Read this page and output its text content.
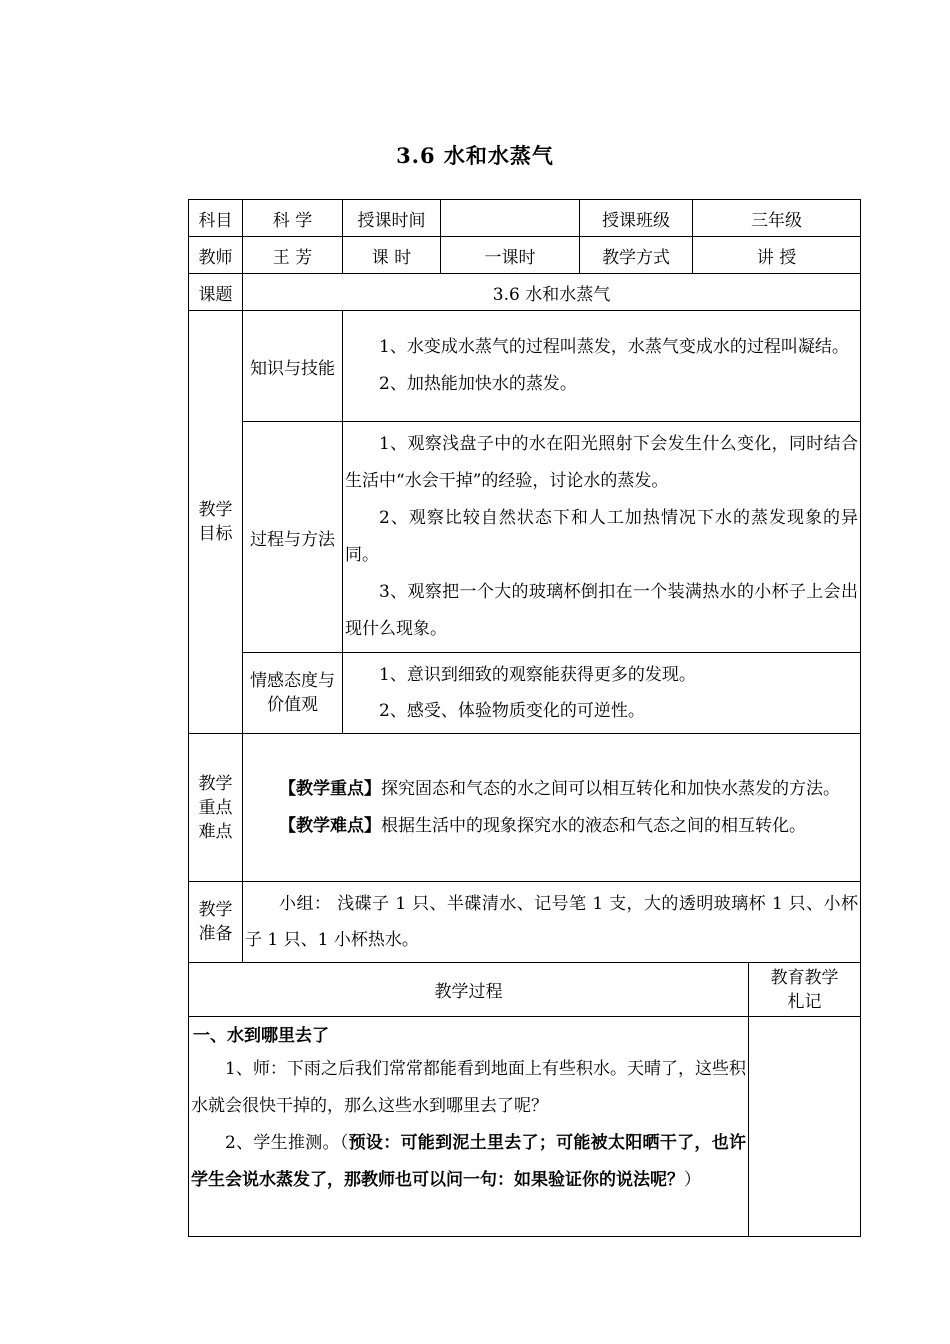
3.6 水和水蒸气
科目	科 学	授课时间		授课班级	三年级	
教师	王 芳	课 时	一课时	教学方式	讲 授	
课题	3.6 水和水蒸气					

教学目标	知识与技能	1、水变成水蒸气的过程叫蒸发，水蒸气变成水的过程叫凝结。

2、加热能加快水的蒸发。				

	过程与方法	1、观察浅盘子中的水在阳光照射下会发生什么变化，同时结合生活中“水会干掉”的经验，讨论水的蒸发。

2、观察比较自然状态下和人工加热情况下水的蒸发现象的异同。

3、观察把一个大的玻璃杯倒扣在一个装满热水的小杯子上会出现什么现象。				

	情感态度与价值观	1、意识到细致的观察能获得更多的发现。

2、感受、体验物质变化的可逆性。				

教学重点难点	【教学重点】探究固态和气态的水之间可以相互转化和加快水蒸发的方法。

【教学难点】根据生活中的现象探究水的液态和气态之间的相互转化。					

教学准备	小组： 浅碟子 1 只、半碟清水、记号笔 1 支，大的透明玻璃杯 1 只、小杯子 1 只、1 小杯热水。					

教学过程						教育教学札记

一、水到哪里去了

1、师：下雨之后我们常常都能看到地面上有些积水。天晴了，这些积水就会很快干掉的，那么这些水到哪里去了呢？

2、学生推测。（预设：可能到泥土里去了；可能被太阳晒干了，也许学生会说水蒸发了，那教师也可以问一句：如果验证你的说法呢？）						
